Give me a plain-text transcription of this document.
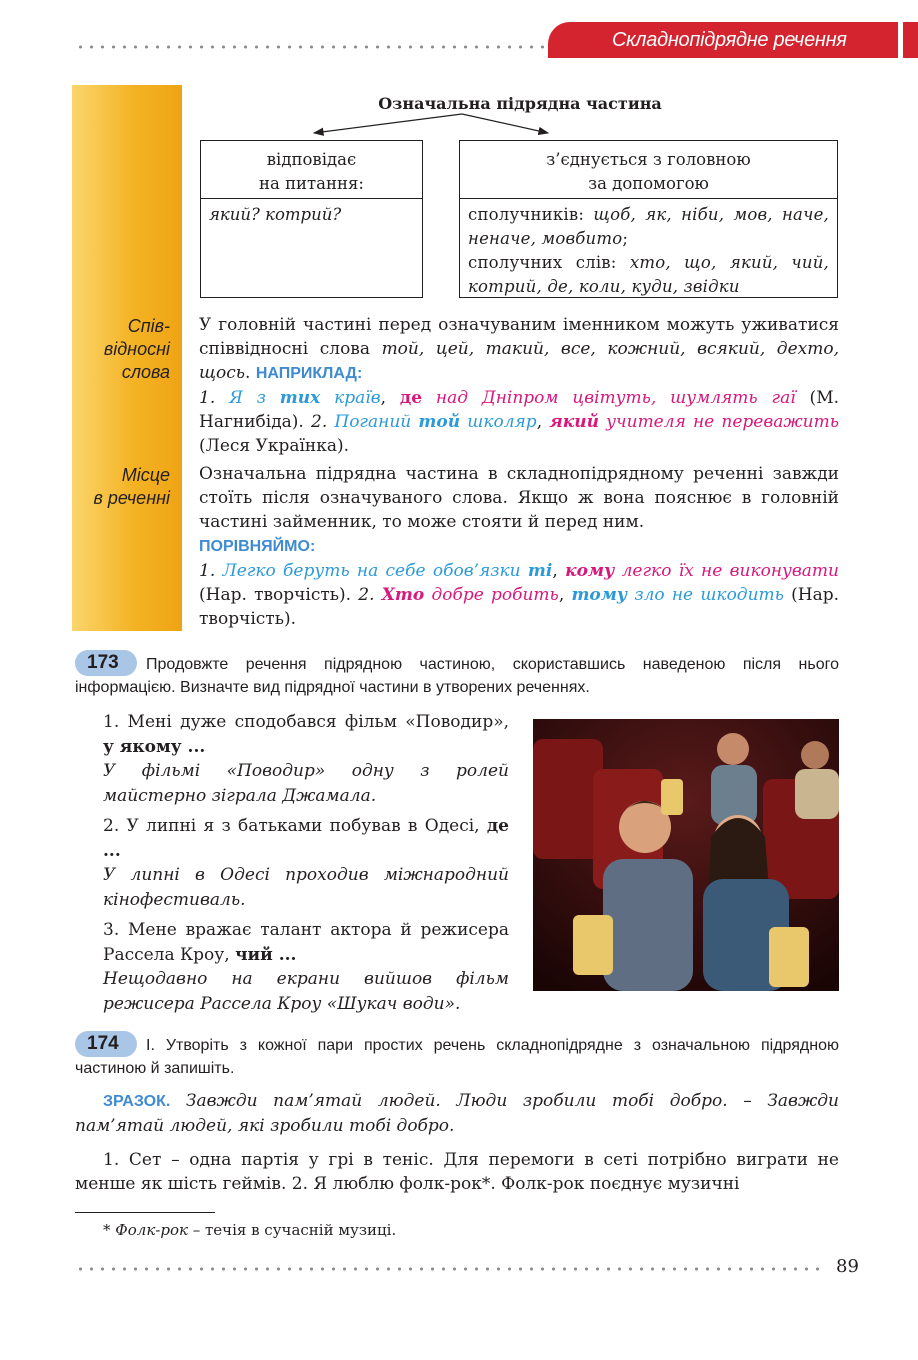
Складнопідрядне речення
Означальна підрядна частина
відповідає
на питання:
який? котрий?
з’єднується з головною
за допомогою
сполучників: щоб, як, ніби, мов, наче, неначе, мовбито;
сполучних слів: хто, що, який, чий, котрий, де, коли, куди, звідки
Спів-
відносні
слова
У головній частині перед означуваним іменником можуть уживатися співвідносні слова той, цей, такий, все, кожний, всякий, дехто, щось. НАПРИКЛАД:
1. Я з тих країв, де над Дніпром цвітуть, шумлять гаї (М. Нагнибіда). 2. Поганий той школяр, який учителя не переважить (Леся Українка).
Місце
в реченні
Означальна підрядна частина в складнопідрядному реченні завжди стоїть після означуваного слова. Якщо ж вона пояснює в головній частині займенник, то може стояти й перед ним.
ПОРІВНЯЙМО:
1. Легко беруть на себе обов’язки ті, кому легко їх не виконувати (Нар. творчість). 2. Хто добре робить, тому зло не шкодить (Нар. творчість).
173	Продовжте речення підрядною частиною, скориставшись наведеною після нього інформацією. Визначте вид підрядної частини в утворених реченнях.
1. Мені дуже сподобався фільм «Поводир», у якому ...
У фільмі «Поводир» одну з ролей майстерно зіграла Джамала.
2. У липні я з батьками побував в Одесі, де ...
У липні в Одесі проходив міжнародний кінофестиваль.
3. Мене вражає талант актора й режисера Рассела Кроу, чий ...
Нещодавно на екрани вийшов фільм режисера Рассела Кроу «Шукач води».
174	І. Утворіть з кожної пари простих речень складнопідрядне з означальною підрядною частиною й запишіть.
ЗРАЗОК. Завжди пам’ятай людей. Люди зробили тобі добро. – Завжди пам’ятай людей, які зробили тобі добро.
1. Сет – одна партія у грі в теніс. Для перемоги в сеті потрібно виграти не менше як шість геймів. 2. Я люблю фолк-рок*. Фолк-рок поєднує музичні
* Фолк-рок – течія в сучасній музиці.
89
